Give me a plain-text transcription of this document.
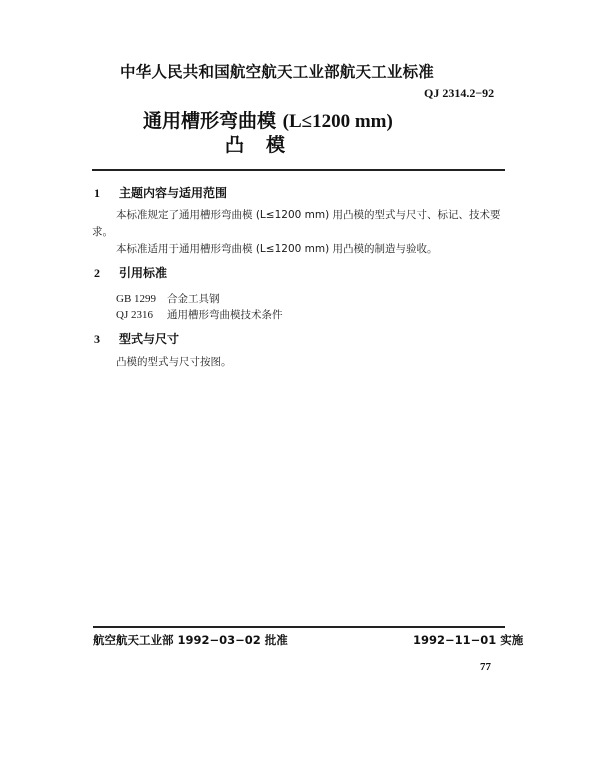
中华人民共和国航空航天工业部航天工业标准
QJ 2314.2−92
通用槽形弯曲模 (L≤1200 mm)
凸模
1 主题内容与适用范围
本标准规定了通用槽形弯曲模 (L≤1200 mm) 用凸模的型式与尺寸、标记、技术要
求。
本标准适用于通用槽形弯曲模 (L≤1200 mm) 用凸模的制造与验收。
2 引用标准
GB 1299 合金工具钢
QJ 2316 通用槽形弯曲模技术条件
3 型式与尺寸
凸模的型式与尺寸按图。
航空航天工业部 1992−03−02 批准	1992−11−01 实施
77
